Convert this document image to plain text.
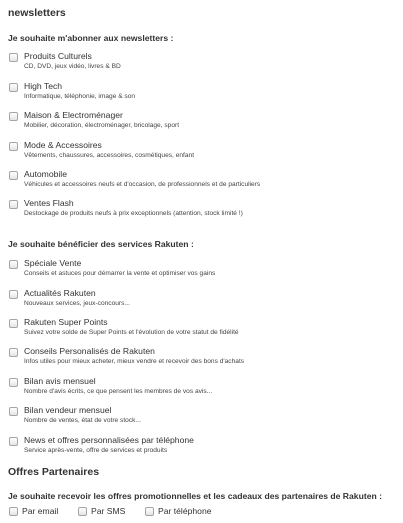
newsletters
Je souhaite m'abonner aux newsletters :
Produits Culturels
CD, DVD, jeux vidéo, livres & BD
High Tech
Informatique, téléphonie, image & son
Maison & Electroménager
Mobilier, décoration, électroménager, bricolage, sport
Mode & Accessoires
Vêtements, chaussures, accessoires, cosmétiques, enfant
Automobile
Véhicules et accessoires neufs et d'occasion, de professionnels et de particuliers
Ventes Flash
Destockage de produits neufs à prix exceptionnels (attention, stock limité !)
Je souhaite bénéficier des services Rakuten :
Spéciale Vente
Conseils et astuces pour démarrer la vente et optimiser vos gains
Actualités Rakuten
Nouveaux services, jeux-concours...
Rakuten Super Points
Suivez votre solde de Super Points et l'évolution de votre statut de fidélité
Conseils Personalisés de Rakuten
Infos utiles pour mieux acheter, mieux vendre et recevoir des bons d'achats
Bilan avis mensuel
Nombre d'avis écrits, ce que pensent les membres de vos avis...
Bilan vendeur mensuel
Nombre de ventes, état de votre stock...
News et offres personnalisées par téléphone
Service après-vente, offre de services et produits
Offres Partenaires
Je souhaite recevoir les offres promotionnelles et les cadeaux des partenaires de Rakuten :
Par email	Par SMS	Par téléphone
